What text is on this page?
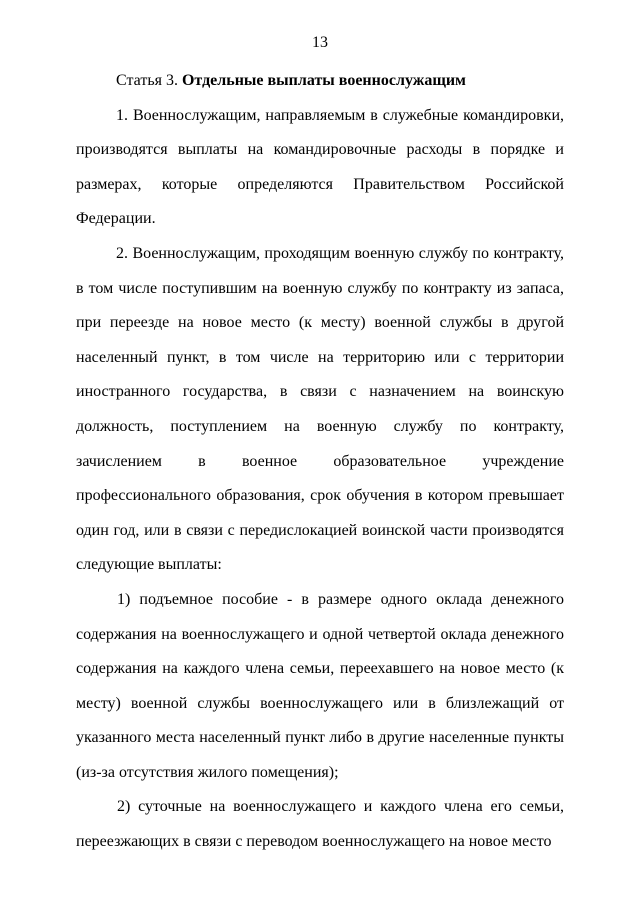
13

Статья 3. Отдельные выплаты военнослужащим

1. Военнослужащим, направляемым в служебные командировки, производятся выплаты на командировочные расходы в порядке и размерах, которые определяются Правительством Российской Федерации.

2. Военнослужащим, проходящим военную службу по контракту, в том числе поступившим на военную службу по контракту из запаса, при переезде на новое место (к месту) военной службы в другой населенный пункт, в том числе на территорию или с территории иностранного государства, в связи с назначением на воинскую должность, поступлением на военную службу по контракту, зачислением в военное образовательное учреждение профессионального образования, срок обучения в котором превышает один год, или в связи с передислокацией воинской части производятся следующие выплаты:

1) подъемное пособие - в размере одного оклада денежного содержания на военнослужащего и одной четвертой оклада денежного содержания на каждого члена семьи, переехавшего на новое место (к месту) военной службы военнослужащего или в близлежащий от указанного места населенный пункт либо в другие населенные пункты (из-за отсутствия жилого помещения);

2) суточные на военнослужащего и каждого члена его семьи, переезжающих в связи с переводом военнослужащего на новое место
